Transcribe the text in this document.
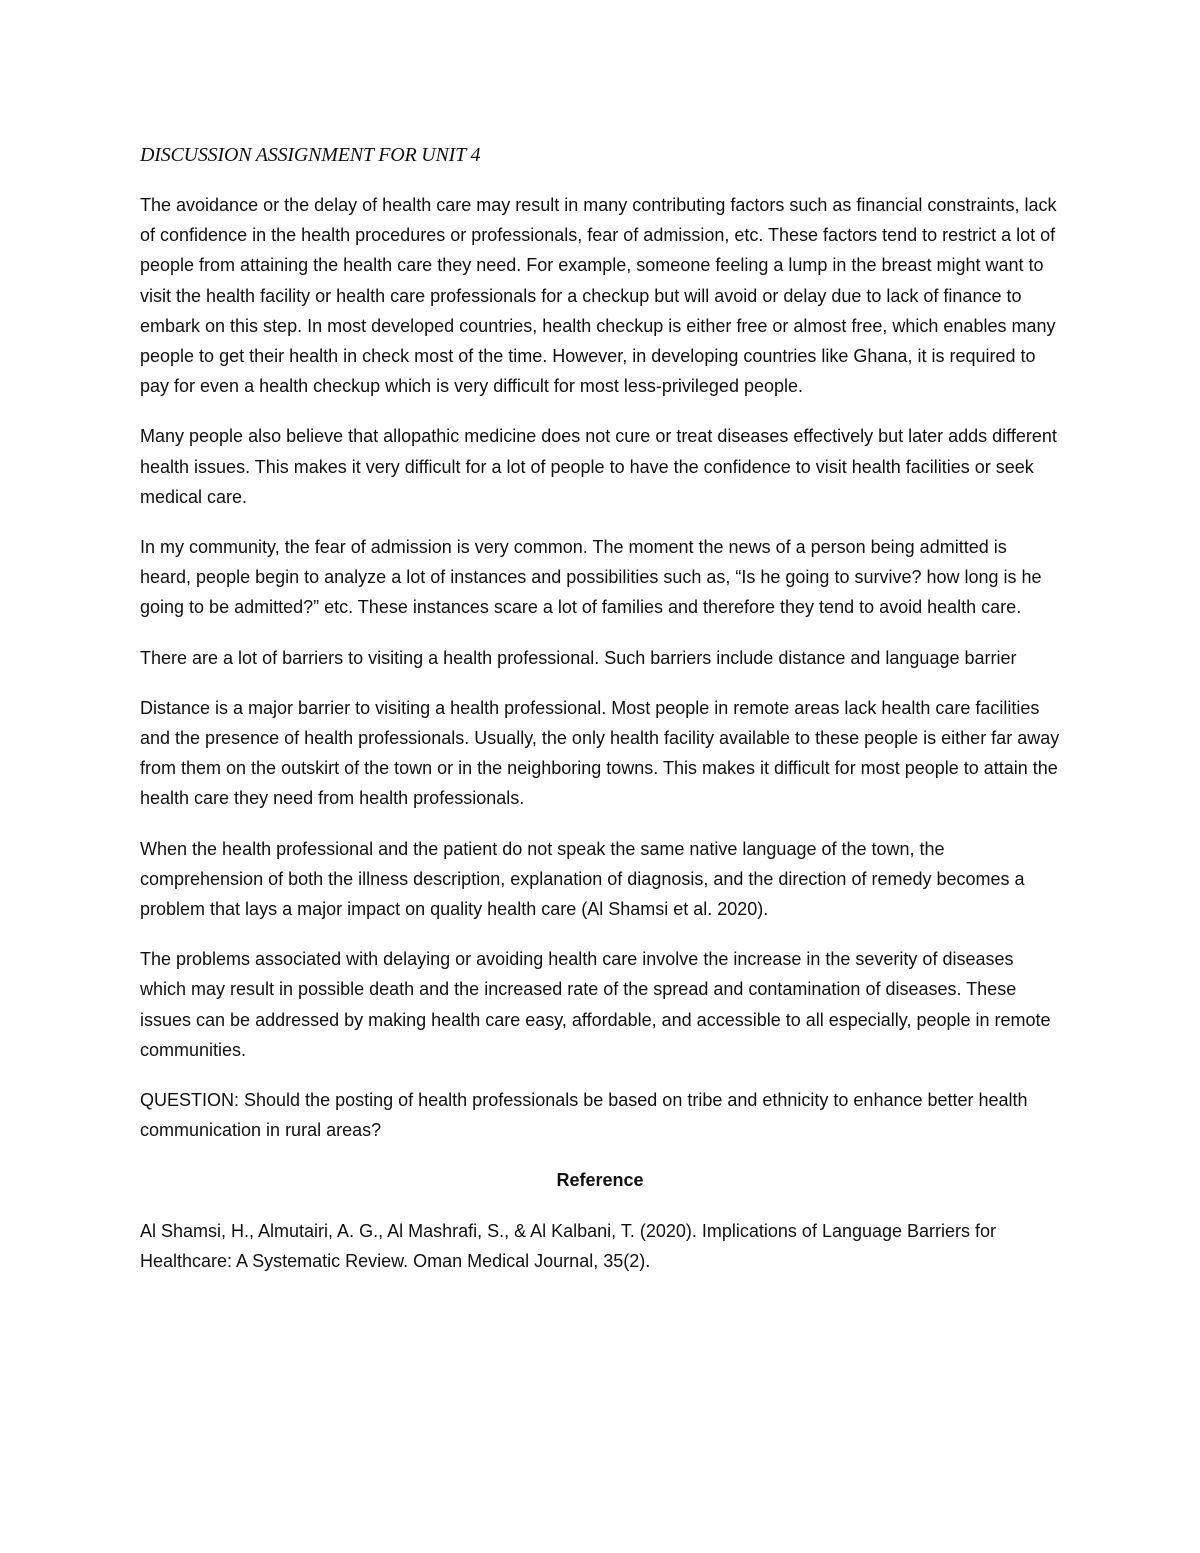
DISCUSSION ASSIGNMENT FOR UNIT 4

The avoidance or the delay of health care may result in many contributing factors such as financial constraints, lack of confidence in the health procedures or professionals, fear of admission, etc. These factors tend to restrict a lot of people from attaining the health care they need. For example, someone feeling a lump in the breast might want to visit the health facility or health care professionals for a checkup but will avoid or delay due to lack of finance to embark on this step. In most developed countries, health checkup is either free or almost free, which enables many people to get their health in check most of the time. However, in developing countries like Ghana, it is required to pay for even a health checkup which is very difficult for most less-privileged people.

Many people also believe that allopathic medicine does not cure or treat diseases effectively but later adds different health issues. This makes it very difficult for a lot of people to have the confidence to visit health facilities or seek medical care.

In my community, the fear of admission is very common. The moment the news of a person being admitted is heard, people begin to analyze a lot of instances and possibilities such as, “Is he going to survive? how long is he going to be admitted?” etc. These instances scare a lot of families and therefore they tend to avoid health care.

There are a lot of barriers to visiting a health professional. Such barriers include distance and language barrier

Distance is a major barrier to visiting a health professional. Most people in remote areas lack health care facilities and the presence of health professionals. Usually, the only health facility available to these people is either far away from them on the outskirt of the town or in the neighboring towns. This makes it difficult for most people to attain the health care they need from health professionals.

When the health professional and the patient do not speak the same native language of the town, the comprehension of both the illness description, explanation of diagnosis, and the direction of remedy becomes a problem that lays a major impact on quality health care (Al Shamsi et al. 2020).

The problems associated with delaying or avoiding health care involve the increase in the severity of diseases which may result in possible death and the increased rate of the spread and contamination of diseases. These issues can be addressed by making health care easy, affordable, and accessible to all especially, people in remote communities.

QUESTION: Should the posting of health professionals be based on tribe and ethnicity to enhance better health communication in rural areas?

Reference

Al Shamsi, H., Almutairi, A. G., Al Mashrafi, S., & Al Kalbani, T. (2020). Implications of Language Barriers for Healthcare: A Systematic Review. Oman Medical Journal, 35(2).
